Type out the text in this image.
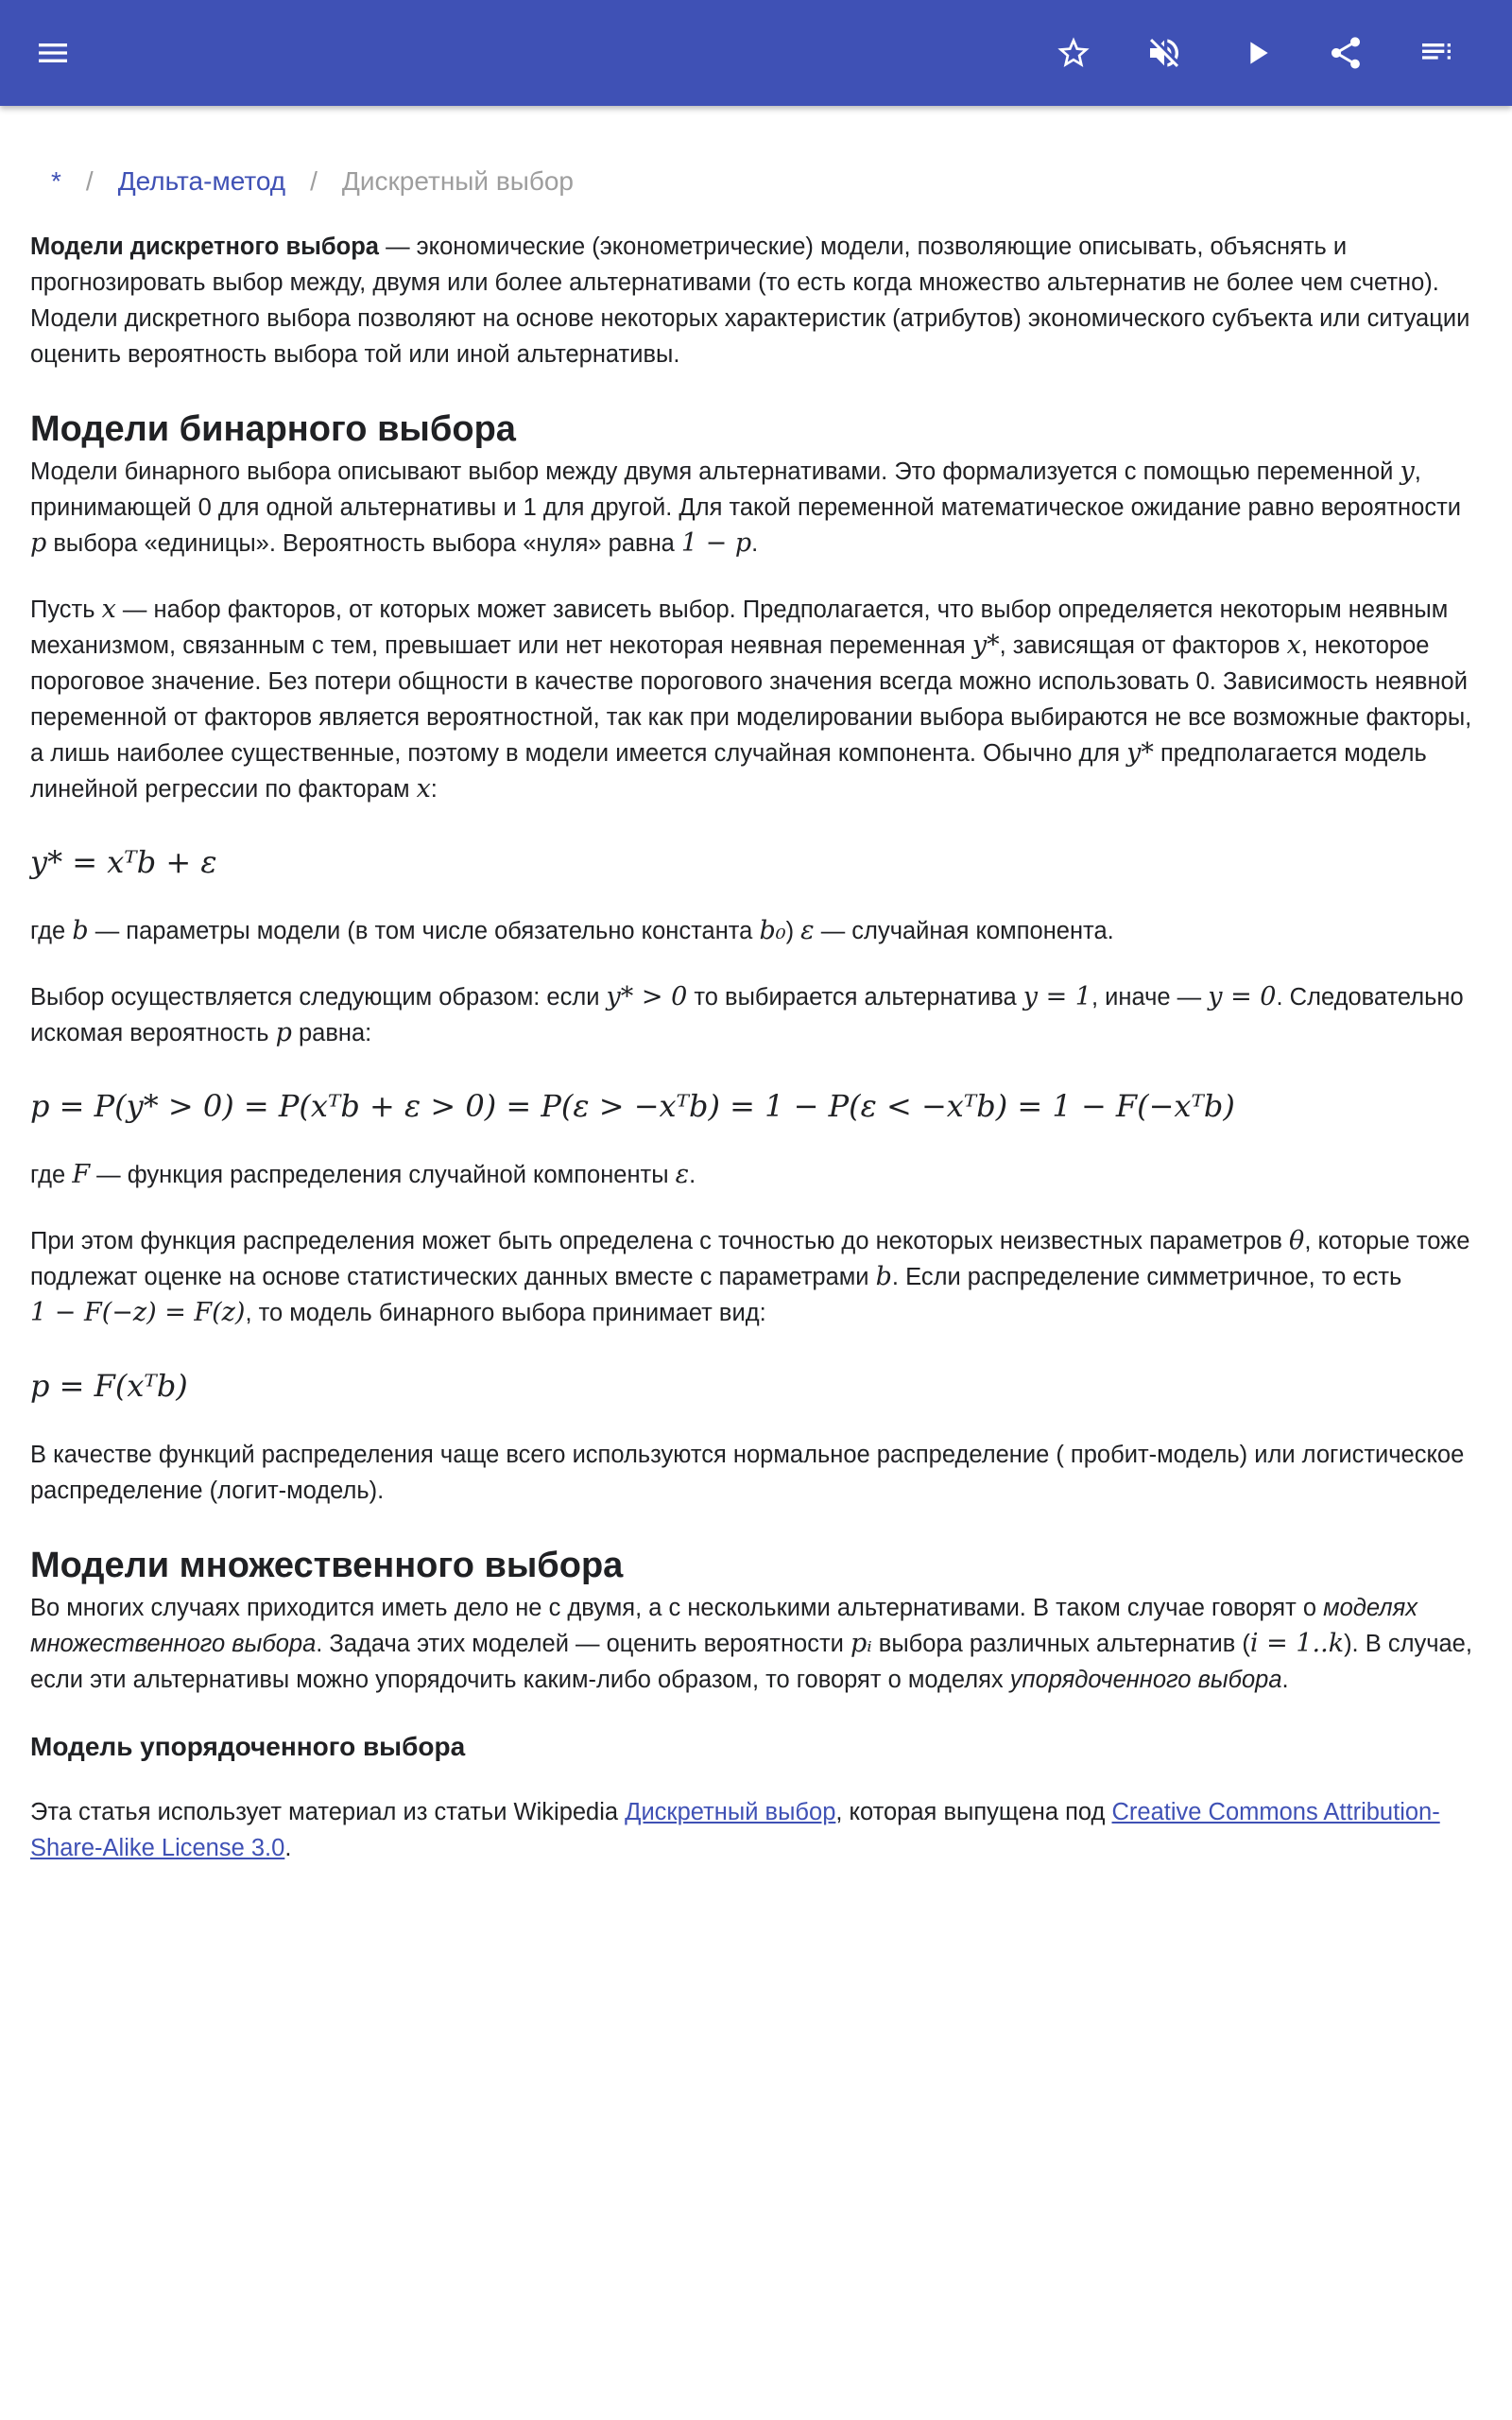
* / Дельта-метод / Дискретный выбор

Модели дискретного выбора — экономические (эконометрические) модели, позволяющие описывать, объяснять и прогнозировать выбор между, двумя или более альтернативами (то есть когда множество альтернатив не более чем счетно). Модели дискретного выбора позволяют на основе некоторых характеристик (атрибутов) экономического субъекта или ситуации оценить вероятность выбора той или иной альтернативы.

Модели бинарного выбора

Модели бинарного выбора описывают выбор между двумя альтернативами. Это формализуется с помощью переменной y, принимающей 0 для одной альтернативы и 1 для другой. Для такой переменной математическое ожидание равно вероятности p выбора «единицы». Вероятность выбора «нуля» равна 1 − p.

Пусть x — набор факторов, от которых может зависеть выбор. Предполагается, что выбор определяется некоторым неявным механизмом, связанным с тем, превышает или нет некоторая неявная переменная y*, зависящая от факторов x, некоторое пороговое значение. Без потери общности в качестве порогового значения всегда можно использовать 0. Зависимость неявной переменной от факторов является вероятностной, так как при моделировании выбора выбираются не все возможные факторы, а лишь наиболее существенные, поэтому в модели имеется случайная компонента. Обычно для y* предполагается модель линейной регрессии по факторам x:

y* = xᵀb + ε

где b — параметры модели (в том числе обязательно константа b₀) ε — случайная компонента.

Выбор осуществляется следующим образом: если y* > 0 то выбирается альтернатива y = 1, иначе — y = 0. Следовательно искомая вероятность p равна:

p = P(y* > 0) = P(xᵀb + ε > 0) = P(ε > −xᵀb) = 1 − P(ε < −xᵀb) = 1 − F(−xᵀb)

где F — функция распределения случайной компоненты ε.

При этом функция распределения может быть определена с точностью до некоторых неизвестных параметров θ, которые тоже подлежат оценке на основе статистических данных вместе с параметрами b. Если распределение симметричное, то есть 1 − F(−z) = F(z), то модель бинарного выбора принимает вид:

p = F(xᵀb)

В качестве функций распределения чаще всего используются нормальное распределение ( пробит-модель) или логистическое распределение (логит-модель).

Модели множественного выбора

Во многих случаях приходится иметь дело не с двумя, а с несколькими альтернативами. В таком случае говорят о моделях множественного выбора. Задача этих моделей — оценить вероятности pᵢ выбора различных альтернатив (i = 1..k). В случае, если эти альтернативы можно упорядочить каким-либо образом, то говорят о моделях упорядоченного выбора.

Модель упорядоченного выбора

Эта статья использует материал из статьи Wikipedia Дискретный выбор, которая выпущена под Creative Commons Attribution-Share-Alike License 3.0.
